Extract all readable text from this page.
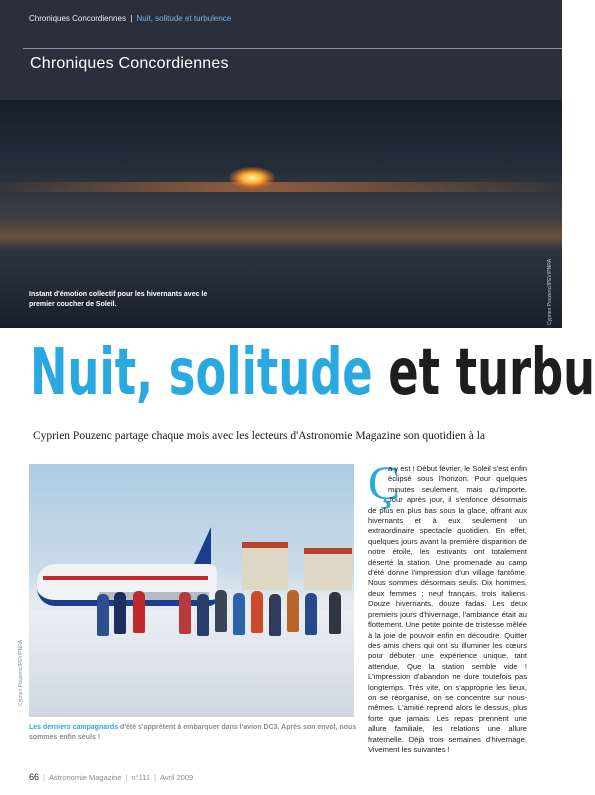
Chroniques Concordiennes | Nuit, solitude et turbulence
Chroniques Concordiennes
Instant d'émotion collectif pour les hivernants avec le premier coucher de Soleil.	Cyprien Pouzenc/IPEV/PNRA
Nuit, solitude et turbu
Cyprien Pouzenc partage chaque mois avec les lecteurs d'Astronomie Magazine son quotidien à la
Cyprien Pouzenc/IPEV/PNRA
Les derniers campagnards d'été s'apprêtent à embarquer dans l'avion DC3. Après son envol, nous sommes enfin seuls !
Ç
a y est ! Début février, le Soleil s'est enfin éclipsé sous l'horizon. Pour quelques minutes seulement, mais qu'importe. Jour après jour, il s'enfonce désormais de plus en plus bas sous la glace, offrant aux hivernants et à eux seulement un extraordinaire spectacle quotidien. En effet, quelques jours avant la première disparition de notre étoile, les estivants ont totalement déserté la station. Une promenade au camp d'été donne l'impression d'un village fantôme. Nous sommes désormais seuls. Dix hommes, deux femmes ; neuf français, trois italiens. Douze hivernants, douze fadas. Les deux premiers jours d'hivernage, l'ambiance était au flottement. Une petite pointe de tristesse mêlée à la joie de pouvoir enfin en découdre. Quitter des amis chers qui ont su illuminer les cœurs pour débuter une expérience unique, tant attendue. Que la station semble vide ! L'impression d'abandon ne dure toutefois pas longtemps. Très vite, on s'approprie les lieux, on se réorganise, on se concentre sur nous-mêmes. L'amitié reprend alors le dessus, plus forte que jamais. Les repas prennent une allure familiale, les relations une allure fraternelle. Déjà trois semaines d'hivernage. Vivement les suivantes !
66 | Astronomie Magazine | n°111 | Avril 2009
